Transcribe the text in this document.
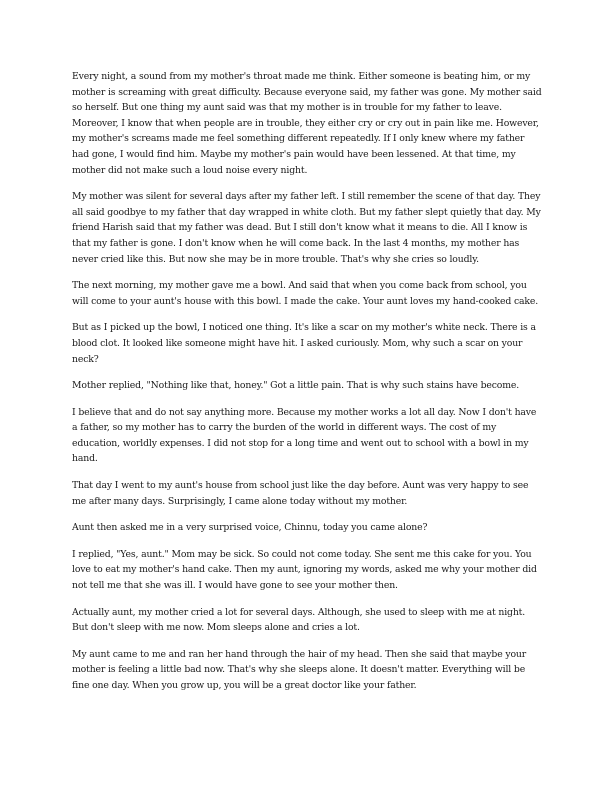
Every night, a sound from my mother's throat made me think. Either someone is beating him, or my mother is screaming with great difficulty. Because everyone said, my father was gone. My mother said so herself. But one thing my aunt said was that my mother is in trouble for my father to leave. Moreover, I know that when people are in trouble, they either cry or cry out in pain like me. However, my mother's screams made me feel something different repeatedly. If I only knew where my father had gone, I would find him. Maybe my mother's pain would have been lessened. At that time, my mother did not make such a loud noise every night.

My mother was silent for several days after my father left. I still remember the scene of that day. They all said goodbye to my father that day wrapped in white cloth. But my father slept quietly that day. My friend Harish said that my father was dead. But I still don't know what it means to die. All I know is that my father is gone. I don't know when he will come back. In the last 4 months, my mother has never cried like this. But now she may be in more trouble. That's why she cries so loudly.

The next morning, my mother gave me a bowl. And said that when you come back from school, you will come to your aunt's house with this bowl. I made the cake. Your aunt loves my hand-cooked cake.

But as I picked up the bowl, I noticed one thing. It's like a scar on my mother's white neck. There is a blood clot. It looked like someone might have hit. I asked curiously. Mom, why such a scar on your neck?

Mother replied, "Nothing like that, honey." Got a little pain. That is why such stains have become.

I believe that and do not say anything more. Because my mother works a lot all day. Now I don't have a father, so my mother has to carry the burden of the world in different ways. The cost of my education, worldly expenses. I did not stop for a long time and went out to school with a bowl in my hand.

That day I went to my aunt's house from school just like the day before. Aunt was very happy to see me after many days. Surprisingly, I came alone today without my mother.

Aunt then asked me in a very surprised voice, Chinnu, today you came alone?

I replied, "Yes, aunt." Mom may be sick. So could not come today. She sent me this cake for you. You love to eat my mother's hand cake. Then my aunt, ignoring my words, asked me why your mother did not tell me that she was ill. I would have gone to see your mother then.

Actually aunt, my mother cried a lot for several days. Although, she used to sleep with me at night. But don't sleep with me now. Mom sleeps alone and cries a lot.

My aunt came to me and ran her hand through the hair of my head. Then she said that maybe your mother is feeling a little bad now. That's why she sleeps alone. It doesn't matter. Everything will be fine one day. When you grow up, you will be a great doctor like your father.
